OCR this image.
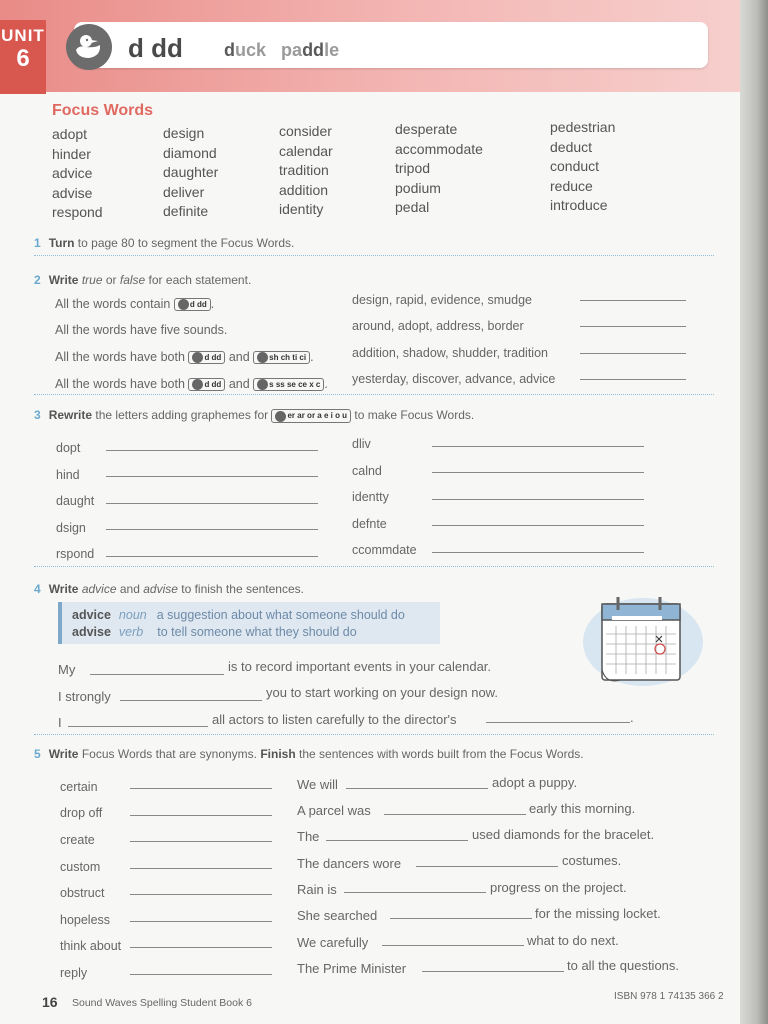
UNIT
6	d dd duck paddle
Focus Words
adopt
hinder
advice
advise
respond
design
diamond
daughter
deliver
definite
consider
calendar
tradition
addition
identity
desperate
accommodate
tripod
podium
pedal
pedestrian
deduct
conduct
reduce
introduce
1 Turn to page 80 to segment the Focus Words.
2 Write true or false for each statement.
All the words contain d dd .
All the words have five sounds.
All the words have both d dd and sh ch ti ci .
All the words have both d dd and s ss se ce x c .
design, rapid, evidence, smudge
around, adopt, address, border
addition, shadow, shudder, tradition
yesterday, discover, advance, advice
3 Rewrite the letters adding graphemes for er ar or a e i o u to make Focus Words.
dopt
hind
daught
dsign
rspond
dliv
calnd
identty
defnte
ccommdate
4 Write advice and advise to finish the sentences.
advice noun a suggestion about what someone should do
advise verb to tell someone what they should do
My	is to record important events in your calendar.
I strongly	you to start working on your design now.
I	all actors to listen carefully to the director's	.
5 Write Focus Words that are synonyms. Finish the sentences with words built from the Focus Words.
certain
drop off
create
custom
obstruct
hopeless
think about
reply
We will	adopt a puppy.
A parcel was	early this morning.
The	used diamonds for the bracelet.
The dancers wore	costumes.
Rain is	progress on the project.
She searched	for the missing locket.
We carefully	what to do next.
The Prime Minister	to all the questions.
16 Sound Waves Spelling Student Book 6
ISBN 978 1 74135 366 2
